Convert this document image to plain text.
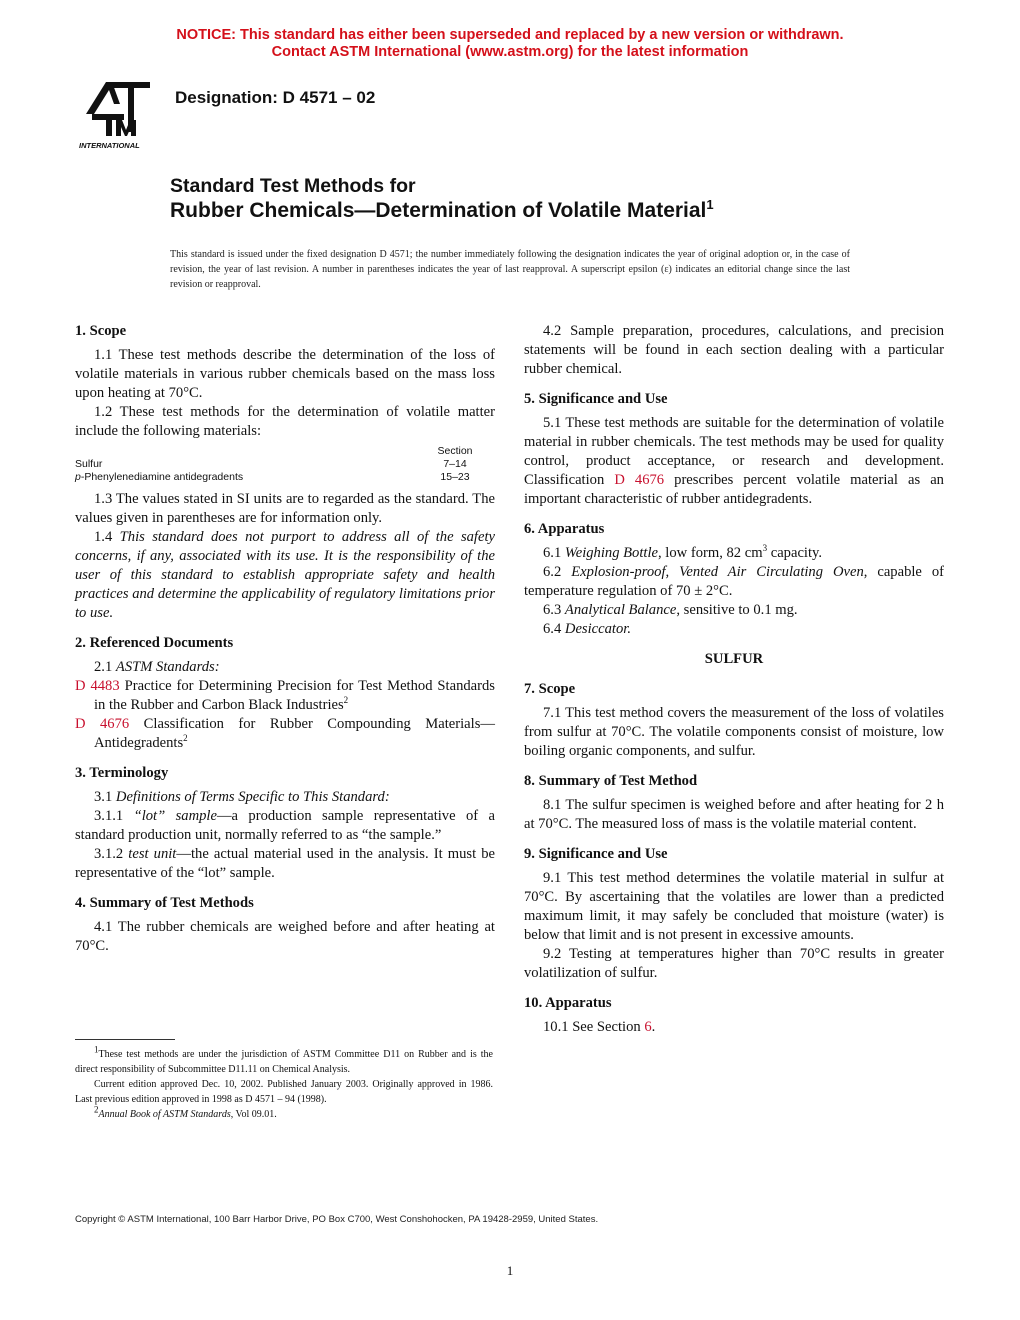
NOTICE: This standard has either been superseded and replaced by a new version or withdrawn.
Contact ASTM International (www.astm.org) for the latest information
INTERNATIONAL
Designation: D 4571 – 02
Standard Test Methods for
Rubber Chemicals—Determination of Volatile Material$^1$
This standard is issued under the fixed designation D 4571; the number immediately following the designation indicates the year of original adoption or, in the case of revision, the year of last revision. A number in parentheses indicates the year of last reapproval. A superscript epsilon (ε) indicates an editorial change since the last revision or reapproval.
1. Scope

1.1 These test methods describe the determination of the loss of volatile materials in various rubber chemicals based on the mass loss upon heating at 70°C.

1.2 These test methods for the determination of volatile matter include the following materials:

	Section
Sulfur	7–14
p-Phenylenediamine antidegradents	15–23

1.3 The values stated in SI units are to regarded as the standard. The values given in parentheses are for information only.

1.4 This standard does not purport to address all of the safety concerns, if any, associated with its use. It is the responsibility of the user of this standard to establish appropriate safety and health practices and determine the applicability of regulatory limitations prior to use.

2. Referenced Documents

2.1 ASTM Standards:

D 4483 Practice for Determining Precision for Test Method Standards in the Rubber and Carbon Black Industries$^2$

D 4676 Classification for Rubber Compounding Materials—Antidegradents$^2$

3. Terminology

3.1 Definitions of Terms Specific to This Standard:

3.1.1 “lot” sample—a production sample representative of a standard production unit, normally referred to as “the sample.”

3.1.2 test unit—the actual material used in the analysis. It must be representative of the “lot” sample.

4. Summary of Test Methods

4.1 The rubber chemicals are weighed before and after heating at 70°C.

4.2 Sample preparation, procedures, calculations, and precision statements will be found in each section dealing with a particular rubber chemical.

5. Significance and Use

5.1 These test methods are suitable for the determination of volatile material in rubber chemicals. The test methods may be used for quality control, product acceptance, or research and development. Classification D 4676 prescribes percent volatile material as an important characteristic of rubber antidegradents.

6. Apparatus

6.1 Weighing Bottle, low form, 82 $cm^3$ capacity.

6.2 Explosion-proof, Vented Air Circulating Oven, capable of temperature regulation of 70 ± 2°C.

6.3 Analytical Balance, sensitive to 0.1 mg.

6.4 Desiccator.

SULFUR

7. Scope

7.1 This test method covers the measurement of the loss of volatiles from sulfur at 70°C. The volatile components consist of moisture, low boiling organic components, and sulfur.

8. Summary of Test Method

8.1 The sulfur specimen is weighed before and after heating for 2 h at 70°C. The measured loss of mass is the volatile material content.

9. Significance and Use

9.1 This test method determines the volatile material in sulfur at 70°C. By ascertaining that the volatiles are lower than a predicted maximum limit, it may safely be concluded that moisture (water) is below that limit and is not present in excessive amounts.

9.2 Testing at temperatures higher than 70°C results in greater volatilization of sulfur.

10. Apparatus

10.1 See Section 6.

$^1$These test methods are under the jurisdiction of ASTM Committee D11 on Rubber and is the direct responsibility of Subcommittee D11.11 on Chemical Analysis.

Current edition approved Dec. 10, 2002. Published January 2003. Originally approved in 1986. Last previous edition approved in 1998 as D 4571 – 94 (1998).

$^2$Annual Book of ASTM Standards, Vol 09.01.

Copyright © ASTM International, 100 Barr Harbor Drive, PO Box C700, West Conshohocken, PA 19428-2959, United States.
1
